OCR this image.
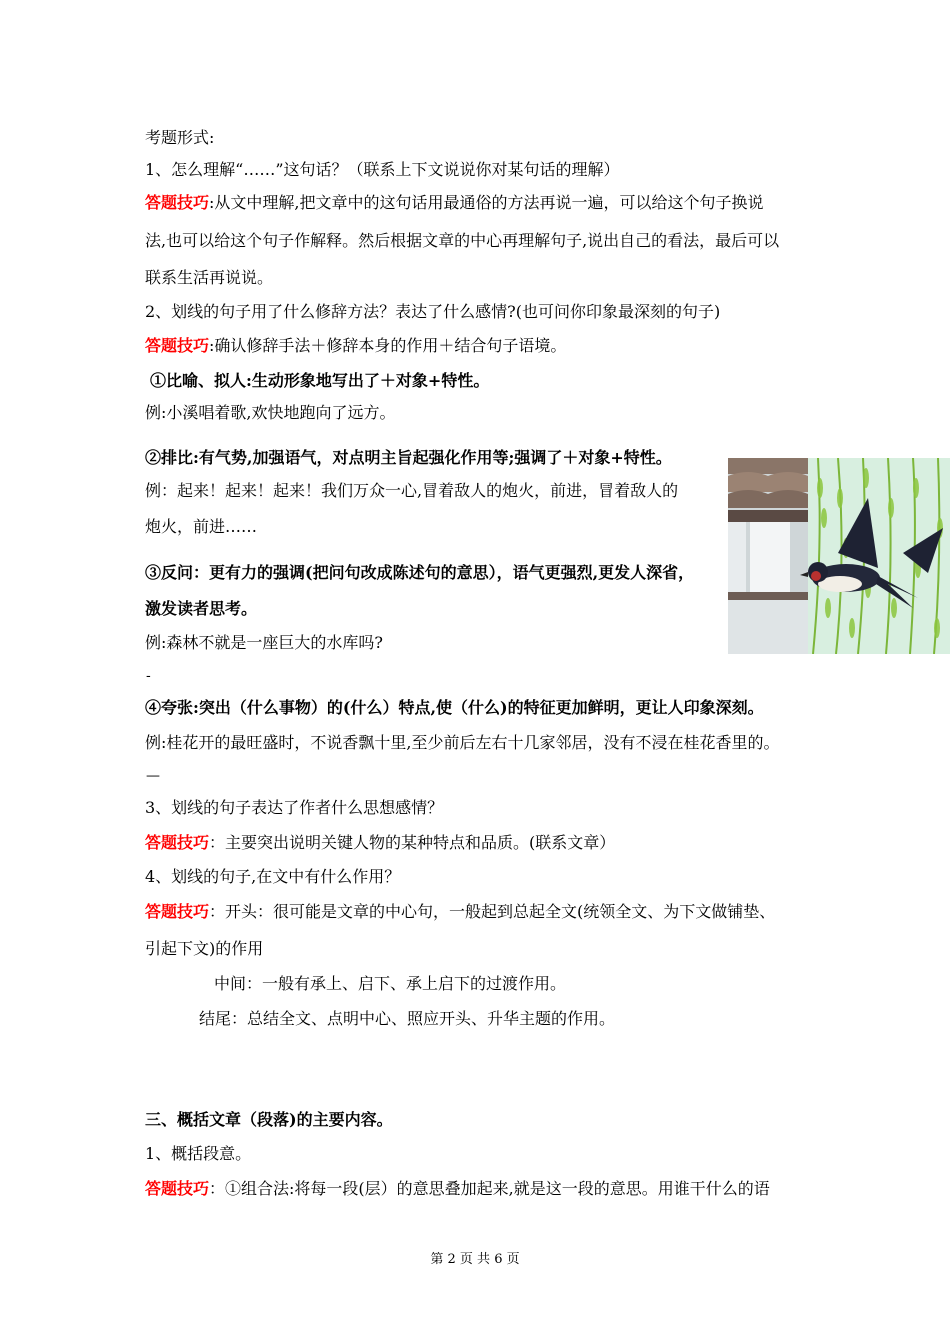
考题形式:
1、怎么理解“……”这句话？（联系上下文说说你对某句话的理解）
答题技巧:从文中理解,把文章中的这句话用最通俗的方法再说一遍，可以给这个句子换说
法,也可以给这个句子作解释。然后根据文章的中心再理解句子,说出自己的看法，最后可以
联系生活再说说。
2、划线的句子用了什么修辞方法？表达了什么感情?(也可问你印象最深刻的句子)
答题技巧:确认修辞手法＋修辞本身的作用＋结合句子语境。
①比喻、拟人:生动形象地写出了＋对象+特性。
例:小溪唱着歌,欢快地跑向了远方。
②排比:有气势,加强语气，对点明主旨起强化作用等;强调了＋对象+特性。
例：起来！起来！起来！我们万众一心,冒着敌人的炮火，前进，冒着敌人的
炮火，前进……
③反问：更有力的强调(把问句改成陈述句的意思），语气更强烈,更发人深省，
激发读者思考。
例:森林不就是一座巨大的水库吗?
-
④夸张:突出（什么事物）的(什么）特点,使（什么)的特征更加鲜明，更让人印象深刻。
例:桂花开的最旺盛时，不说香飘十里,至少前后左右十几家邻居，没有不浸在桂花香里的。
—
3、划线的句子表达了作者什么思想感情？
答题技巧：主要突出说明关键人物的某种特点和品质。(联系文章）
4、划线的句子,在文中有什么作用？
答题技巧：开头：很可能是文章的中心句，一般起到总起全文(统领全文、为下文做铺垫、
引起下文)的作用
中间：一般有承上、启下、承上启下的过渡作用。
结尾：总结全文、点明中心、照应开头、升华主题的作用。
三、概括文章（段落)的主要内容。
1、概括段意。
答题技巧：①组合法:将每一段(层）的意思叠加起来,就是这一段的意思。用谁干什么的语
第 2 页 共 6 页
